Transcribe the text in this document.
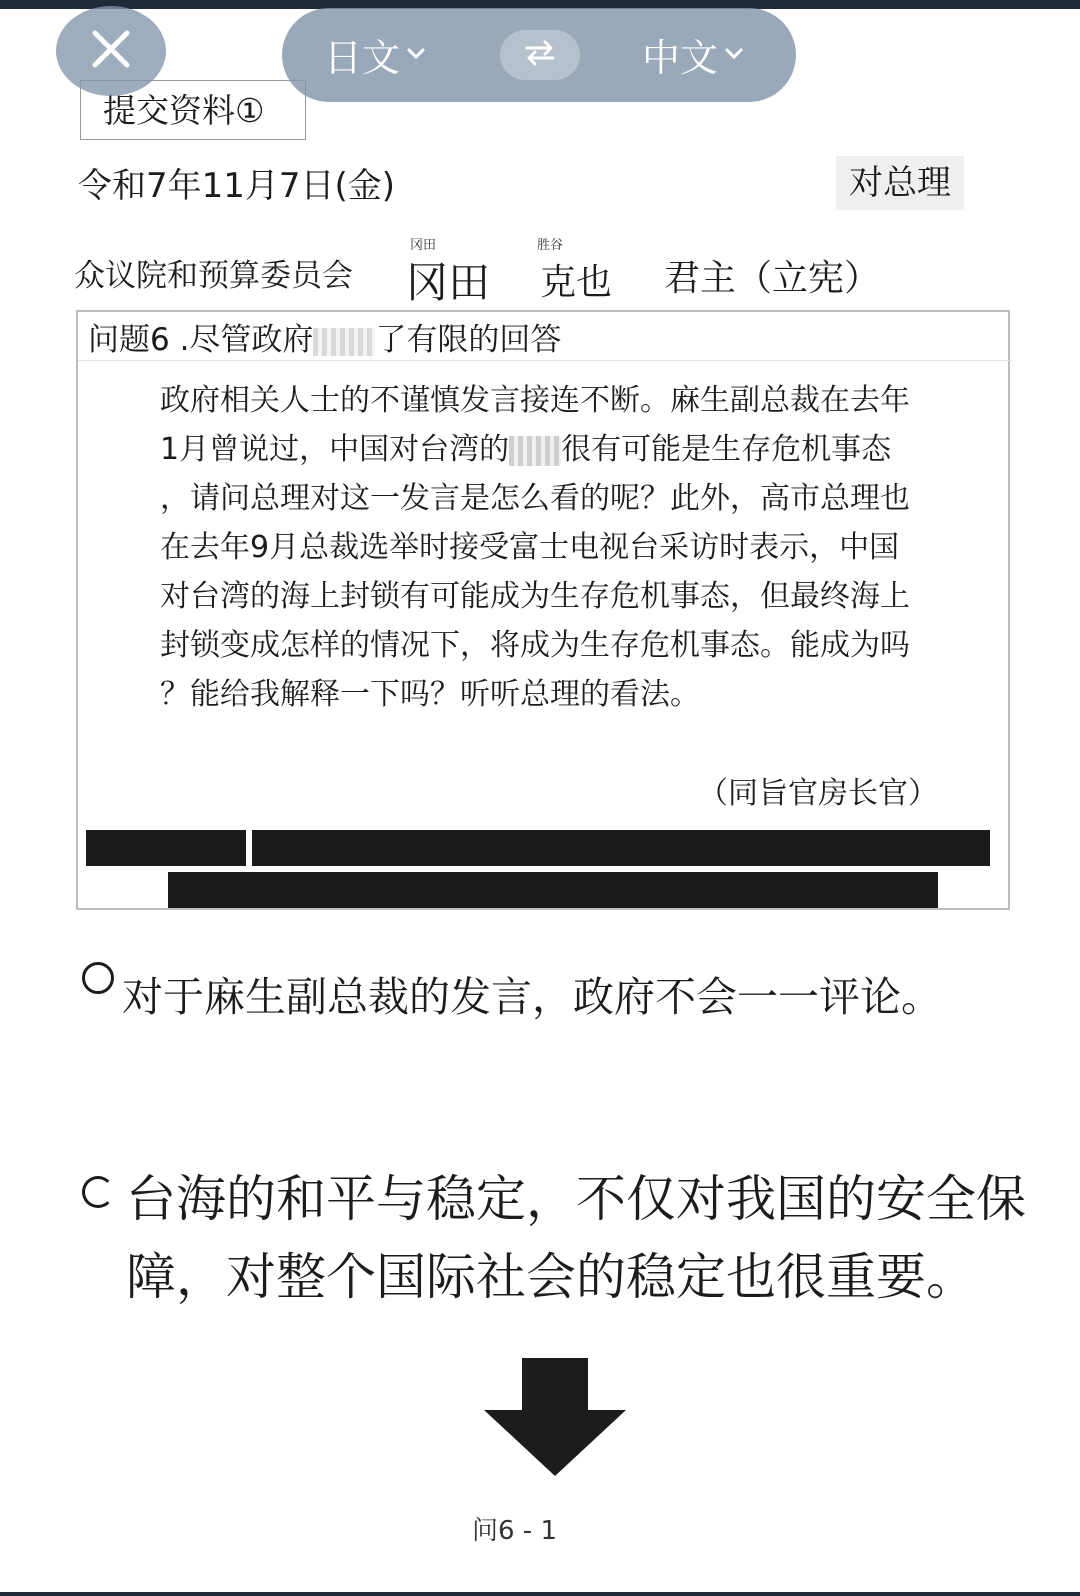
提交资料①
令和7年11月7日(金)	对总理
众议院和预算委员会
冈田	胜谷
冈田 克也 君主（立宪）
问题6 .尽管政府 了有限的回答
政府相关人士的不谨慎发言接连不断。麻生副总裁在去年
1月曾说过，中国对台湾的 很有可能是生存危机事态
，请问总理对这一发言是怎么看的呢？此外，高市总理也
在去年9月总裁选举时接受富士电视台采访时表示，中国
对台湾的海上封锁有可能成为生存危机事态，但最终海上
封锁变成怎样的情况下，将成为生存危机事态。能成为吗
？能给我解释一下吗？听听总理的看法。
（同旨官房长官）
对于麻生副总裁的发言，政府不会一一评论。
台海的和平与稳定，不仅对我国的安全保障，对整个国际社会的稳定也很重要。
问6 - 1
日文	中文
